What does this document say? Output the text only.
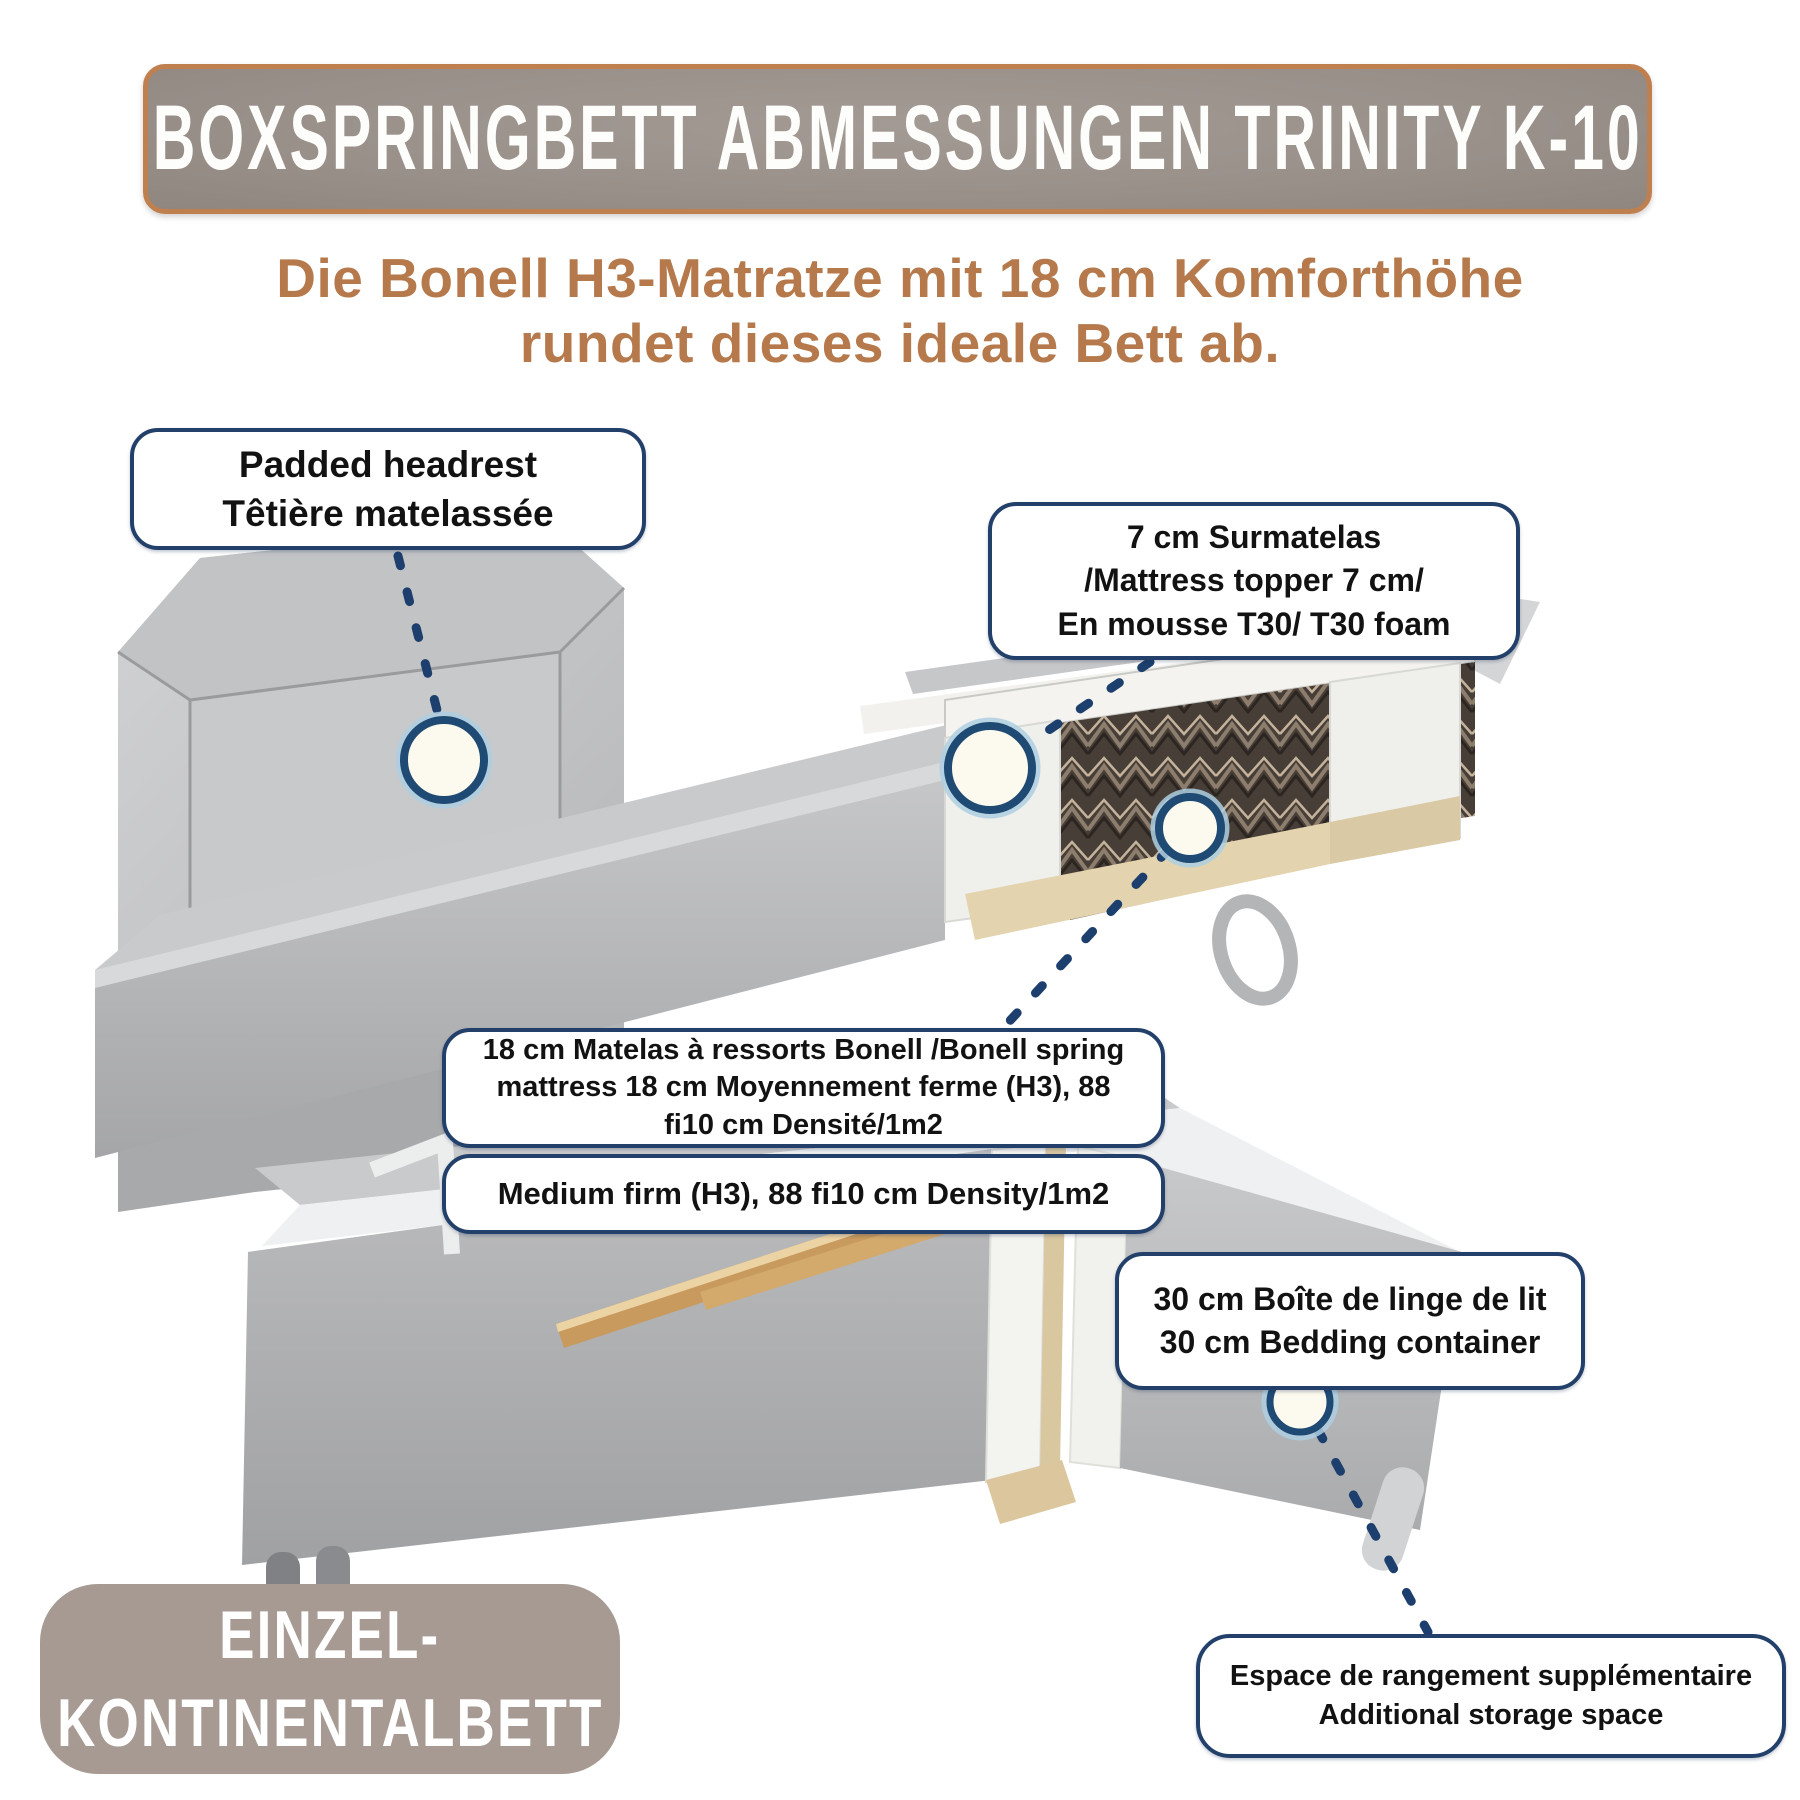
BOXSPRINGBETT ABMESSUNGEN TRINITY K-10
Die Bonell H3-Matratze mit 18 cm Komforthöhe
rundet dieses ideale Bett ab.
Padded headrest
Têtière matelassée
7 cm Surmatelas
/Mattress topper 7 cm/
En mousse T30/ T30 foam
18 cm Matelas à ressorts Bonell /Bonell spring mattress 18 cm Moyennement ferme (H3), 88 fi10 cm Densité/1m2
Medium firm (H3), 88 fi10 cm Density/1m2
30 cm Boîte de linge de lit
30 cm Bedding container
Espace de rangement supplémentaire
Additional storage space
EINZEL-
KONTINENTALBETT
